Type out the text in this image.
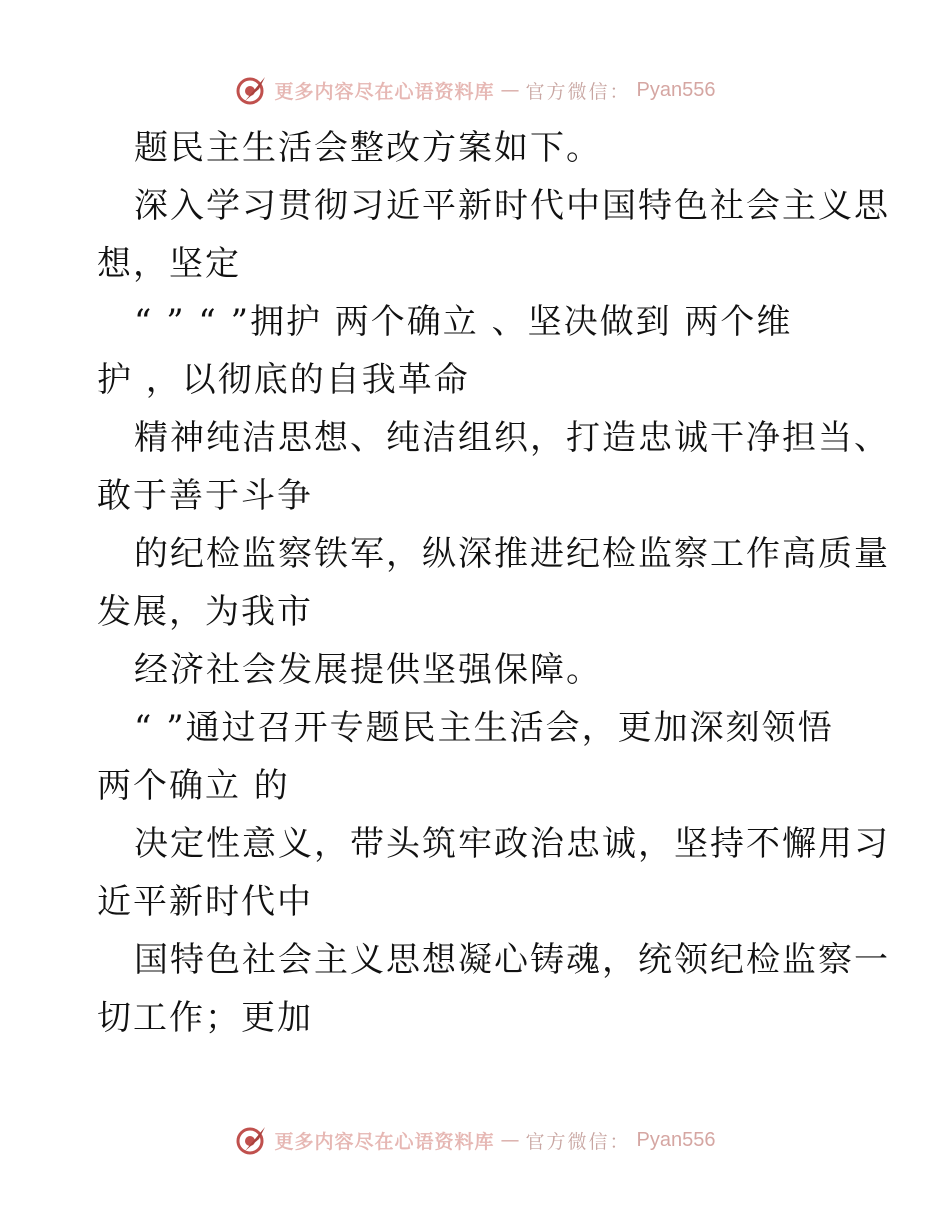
更多内容尽在心语资料库 — 官方微信： Pyan556
题民主生活会整改方案如下。
深入学习贯彻习近平新时代中国特色社会主义思
想，坚定
“ ” “ ”拥护 两个确立 、坚决做到 两个维
护 ，以彻底的自我革命
精神纯洁思想、纯洁组织，打造忠诚干净担当、
敢于善于斗争
的纪检监察铁军，纵深推进纪检监察工作高质量
发展，为我市
经济社会发展提供坚强保障。
“ ”通过召开专题民主生活会，更加深刻领悟
两个确立 的
决定性意义，带头筑牢政治忠诚，坚持不懈用习
近平新时代中
国特色社会主义思想凝心铸魂，统领纪检监察一
切工作；更加
更多内容尽在心语资料库 — 官方微信： Pyan556
